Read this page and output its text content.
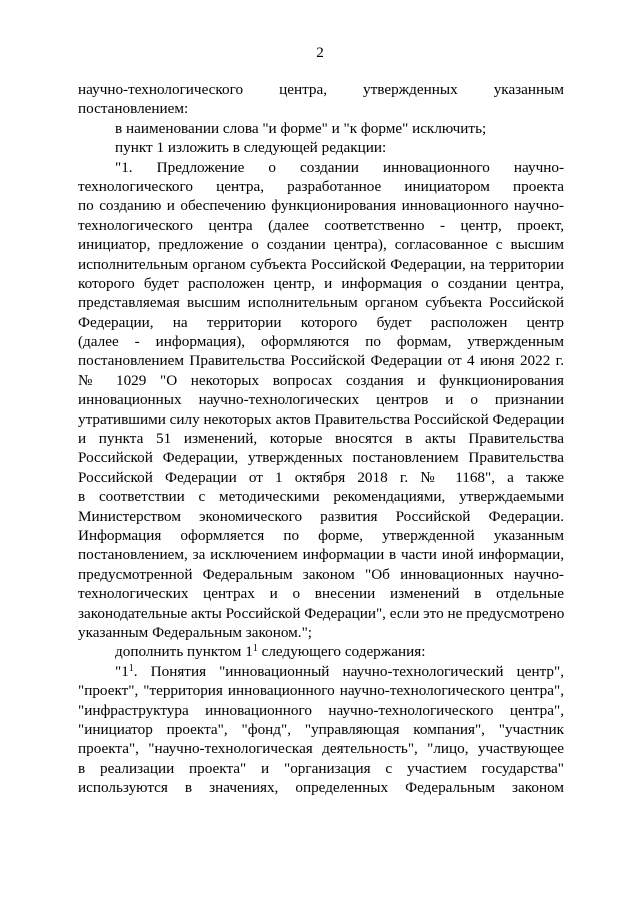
2
научно-технологического центра, утвержденных указанным
постановлением:
в наименовании слова "и форме" и "к форме" исключить;
пункт 1 изложить в следующей редакции:
"1. Предложение о создании инновационного научно-
технологического центра, разработанное инициатором проекта
по созданию и обеспечению функционирования инновационного научно-
технологического центра (далее соответственно - центр, проект,
инициатор, предложение о создании центра), согласованное с высшим
исполнительным органом субъекта Российской Федерации, на территории
которого будет расположен центр, и информация о создании центра,
представляемая высшим исполнительным органом субъекта Российской
Федерации, на территории которого будет расположен центр
(далее - информация), оформляются по формам, утвержденным
постановлением Правительства Российской Федерации от 4 июня 2022 г.
№ 1029 "О некоторых вопросах создания и функционирования
инновационных научно-технологических центров и о признании
утратившими силу некоторых актов Правительства Российской Федерации
и пункта 51 изменений, которые вносятся в акты Правительства
Российской Федерации, утвержденных постановлением Правительства
Российской Федерации от 1 октября 2018 г. № 1168", а также
в соответствии с методическими рекомендациями, утверждаемыми
Министерством экономического развития Российской Федерации.
Информация оформляется по форме, утвержденной указанным
постановлением, за исключением информации в части иной информации,
предусмотренной Федеральным законом "Об инновационных научно-
технологических центрах и о внесении изменений в отдельные
законодательные акты Российской Федерации", если это не предусмотрено
указанным Федеральным законом.";
дополнить пунктом $1^1$ следующего содержания:
"$1^1$. Понятия "инновационный научно-технологический центр",
"проект", "территория инновационного научно-технологического центра",
"инфраструктура инновационного научно-технологического центра",
"инициатор проекта", "фонд", "управляющая компания", "участник
проекта", "научно-технологическая деятельность", "лицо, участвующее
в реализации проекта" и "организация с участием государства"
используются в значениях, определенных Федеральным законом
